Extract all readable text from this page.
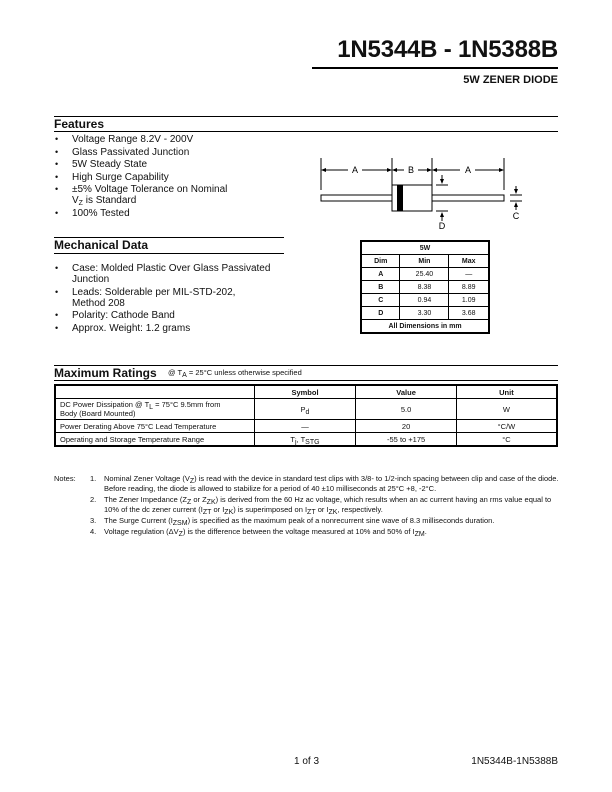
1N5344B - 1N5388B
5W ZENER DIODE
Features
• Voltage Range 8.2V - 200V
• Glass Passivated Junction
• 5W Steady State
• High Surge Capability
• ±5% Voltage Tolerance on Nominal
$V_Z$ is Standard
• 100% Tested
A	B	A
C
D
Mechanical Data
• Case: Molded Plastic Over Glass Passivated
Junction
• Leads: Solderable per MIL-STD-202,
Method 208
• Polarity: Cathode Band
• Approx. Weight: 1.2 grams
5W		
Dim	Min	Max
A	25.40	—
B	8.38	8.89
C	0.94	1.09
D	3.30	3.68
All Dimensions in mm		
Maximum Ratings @ $T_A = 25^\circ C$ unless otherwise specified
	Symbol	Value	Unit
DC Power Dissipation @ $T_L = 75^\circ C$ 9.5mm from
Body (Board Mounted)	$P_d$	5.0	W
Power Derating Above 75°C Lead Temperature	—	20	°C/W
Operating and Storage Temperature Range	$T_j$, $T_{STG}$	-55 to +175	°C
Notes: 1. Nominal Zener Voltage $(V_Z)$ is read with the device in standard test clips with 3/8- to 1/2-inch spacing between clip and case of the diode. Before reading, the diode is allowed to stabilize for a period of 40 ±10 milliseconds at 25°C +8, -2°C.
2. The Zener Impedance ($Z_Z$ or $Z_{ZK}$) is derived from the 60 Hz ac voltage, which results when an ac current having an rms value equal to 10% of the dc zener current ($I_{ZT}$ or $I_{ZK}$) is superimposed on $I_{ZT}$ or $I_{ZK}$, respectively.
3. The Surge Current $(I_{ZSM})$ is specified as the maximum peak of a nonrecurrent sine wave of 8.3 milliseconds duration.
4. Voltage regulation $(\Delta V_Z)$ is the difference between the voltage measured at 10% and 50% of $I_{ZM}$.
1 of 3	1N5344B-1N5388B
